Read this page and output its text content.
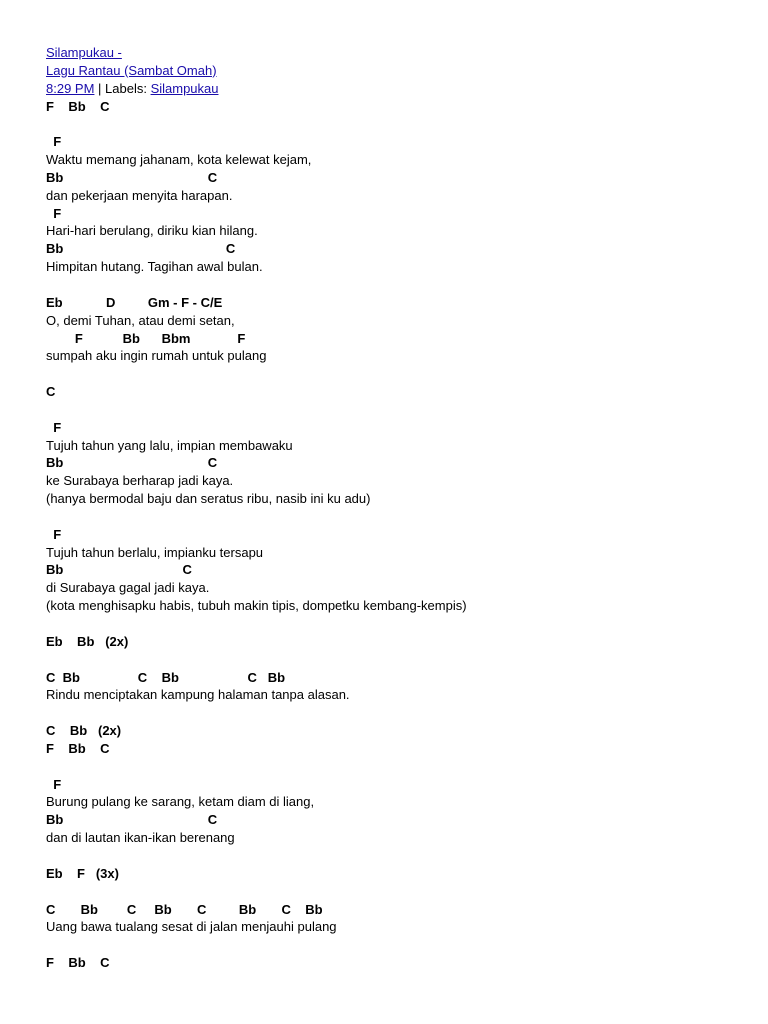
Silampukau -
Lagu Rantau (Sambat Omah)
8:29 PM | Labels: Silampukau
F    Bb    C
F
Waktu memang jahanam, kota kelewat kejam,
Bb                                        C
dan pekerjaan menyita harapan.
F
Hari-hari berulang, diriku kian hilang.
Bb                                             C
Himpitan hutang. Tagihan awal bulan.
Eb            D         Gm - F - C/E
O, demi Tuhan, atau demi setan,
F           Bb      Bbm             F
sumpah aku ingin rumah untuk pulang
C
F
Tujuh tahun yang lalu, impian membawaku
Bb                                        C
ke Surabaya berharap jadi kaya.
(hanya bermodal baju dan seratus ribu, nasib ini ku adu)
F
Tujuh tahun berlalu, impianku tersapu
Bb                                 C
di Surabaya gagal jadi kaya.
(kota menghisapku habis, tubuh makin tipis, dompetku kembang-kempis)
Eb    Bb   (2x)
C  Bb                C    Bb                   C   Bb
Rindu menciptakan kampung halaman tanpa alasan.
C    Bb   (2x)
F    Bb    C
F
Burung pulang ke sarang, ketam diam di liang,
Bb                                        C
dan di lautan ikan-ikan berenang
Eb    F   (3x)
C       Bb        C     Bb       C         Bb       C    Bb
Uang bawa tualang sesat di jalan menjauhi pulang
F    Bb    C
